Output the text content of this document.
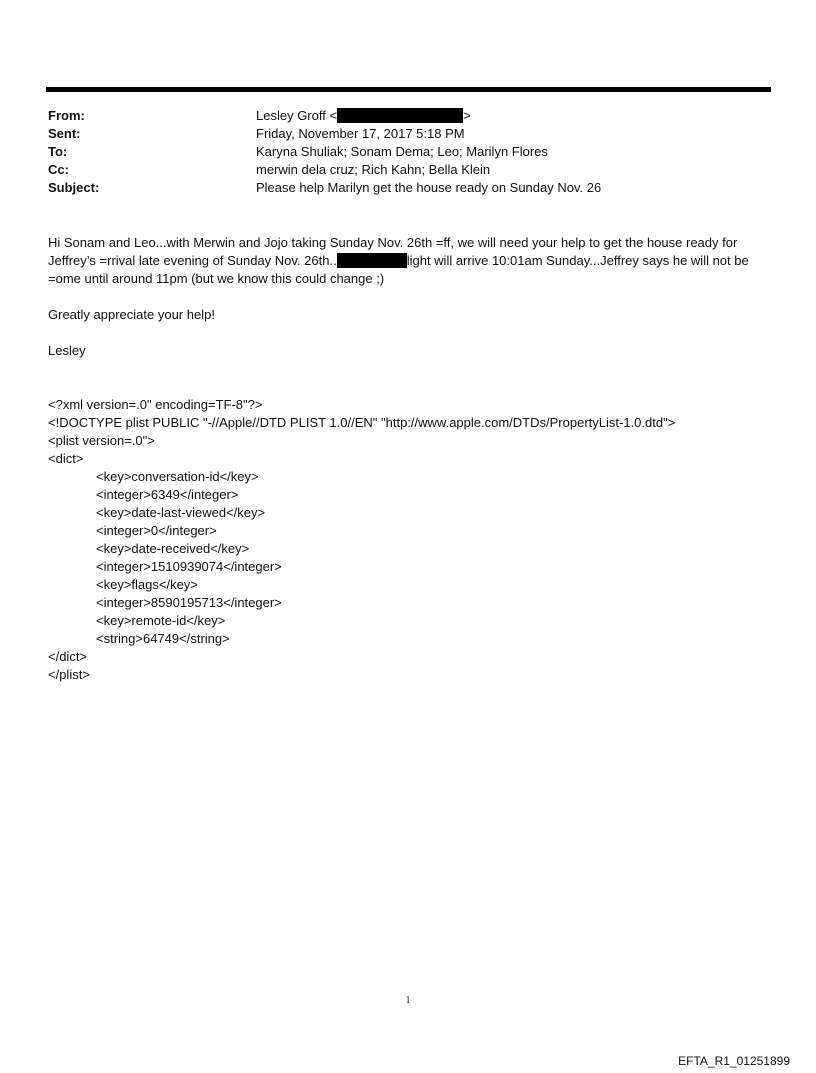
From:	Lesley Groff <	>
Sent:	Friday, November 17, 2017 5:18 PM
To:	Karyna Shuliak; Sonam Dema; Leo; Marilyn Flores
Cc:	merwin dela cruz; Rich Kahn; Bella Klein
Subject:	Please help Marilyn get the house ready on Sunday Nov. 26
Hi Sonam and Leo...with Merwin and Jojo taking Sunday Nov. 26th =ff, we will need your help to get the house ready for
Jeffrey’s =rrival late evening of Sunday Nov. 26th..	light will arrive 10:01am Sunday...Jeffrey says he will not be
=ome until around 11pm (but we know this could change ;)
Greatly appreciate your help!
Lesley
<?xml version=.0" encoding=TF-8"?>
<!DOCTYPE plist PUBLIC "-//Apple//DTD PLIST 1.0//EN" "http://www.apple.com/DTDs/PropertyList-1.0.dtd">
<plist version=.0">
<dict>
<key>conversation-id</key>
<integer>6349</integer>
<key>date-last-viewed</key>
<integer>0</integer>
<key>date-received</key>
<integer>1510939074</integer>
<key>flags</key>
<integer>8590195713</integer>
<key>remote-id</key>
<string>64749</string>
</dict>
</plist>
1
EFTA_R1_01251899
